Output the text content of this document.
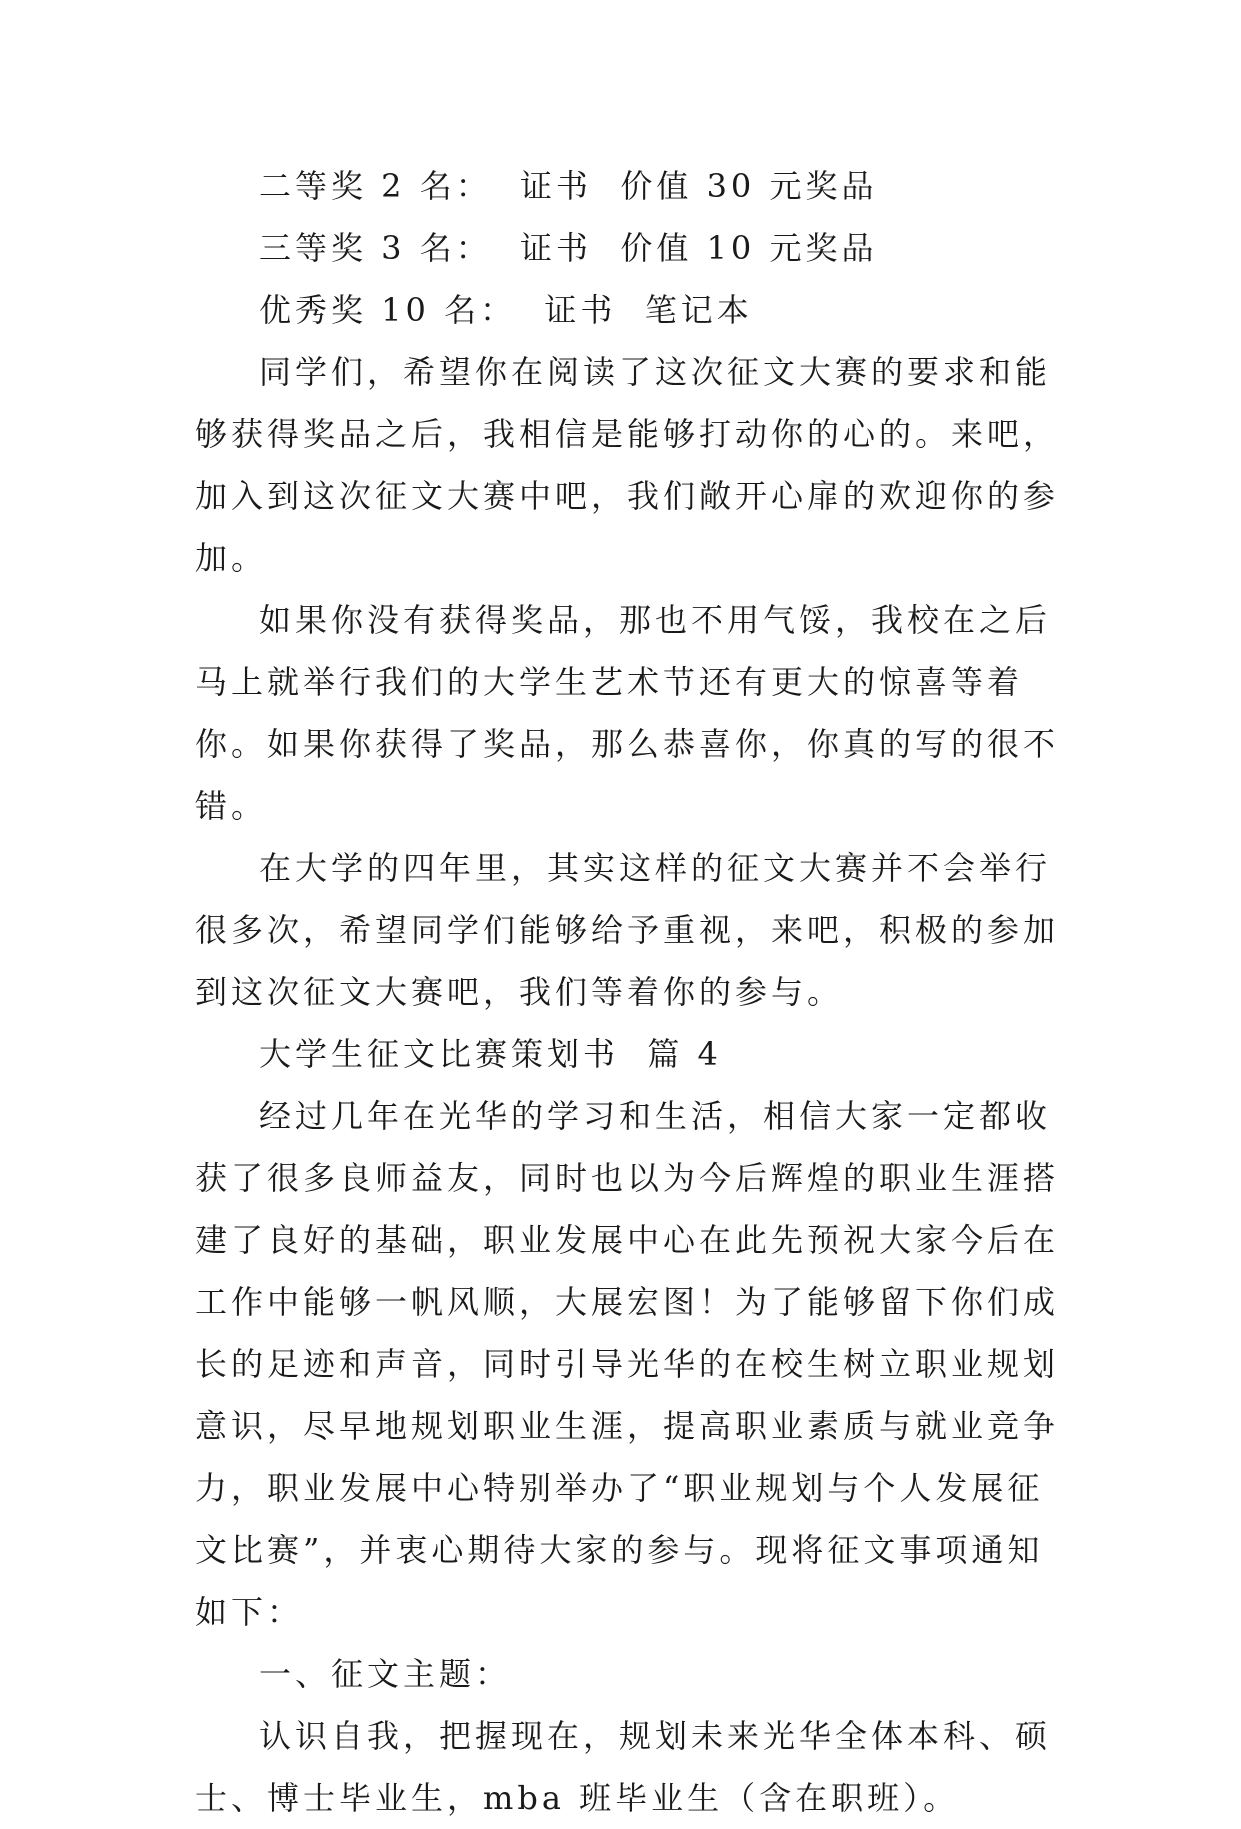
二等奖 2 名：  证书  价值 30 元奖品

三等奖 3 名：  证书  价值 10 元奖品

优秀奖 10 名：  证书  笔记本

同学们，希望你在阅读了这次征文大赛的要求和能够获得奖品之后，我相信是能够打动你的心的。来吧，加入到这次征文大赛中吧，我们敞开心扉的欢迎你的参加。

如果你没有获得奖品，那也不用气馁，我校在之后马上就举行我们的大学生艺术节还有更大的惊喜等着你。如果你获得了奖品，那么恭喜你，你真的写的很不错。

在大学的四年里，其实这样的征文大赛并不会举行很多次，希望同学们能够给予重视，来吧，积极的参加到这次征文大赛吧，我们等着你的参与。

大学生征文比赛策划书  篇 4

经过几年在光华的学习和生活，相信大家一定都收获了很多良师益友，同时也以为今后辉煌的职业生涯搭建了良好的基础，职业发展中心在此先预祝大家今后在工作中能够一帆风顺，大展宏图！为了能够留下你们成长的足迹和声音，同时引导光华的在校生树立职业规划意识，尽早地规划职业生涯，提高职业素质与就业竞争力，职业发展中心特别举办了“职业规划与个人发展征文比赛”，并衷心期待大家的参与。现将征文事项通知如下：

一、征文主题：

认识自我，把握现在，规划未来光华全体本科、硕士、博士毕业生，mba 班毕业生（含在职班）。
